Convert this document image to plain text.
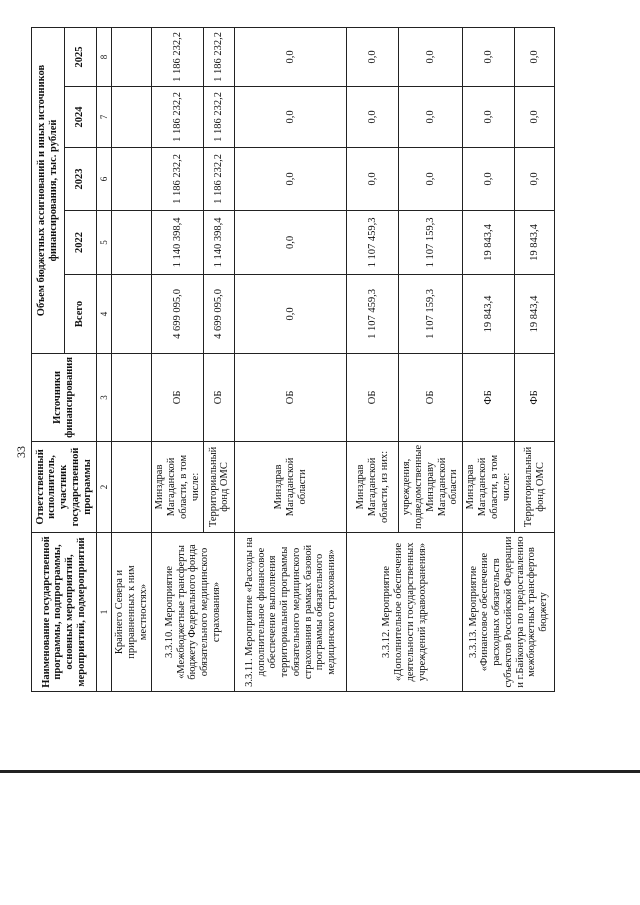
33
Наименование государственной программы, подпрограммы, основных мероприятий, мероприятий, подмероприятий	Ответственный исполнитель, участник государственной программы	Источники финансирования	Объем бюджетных ассигнований и иных источников финансирования, тыс. рублей				
			Всего	2022	2023	2024	2025
1	2	3	4	5	6	7	8
Крайнего Севера и приравненных к ним местностях»							
3.3.10. Мероприятие «Межбюджетные трансферты бюджету Федерального фонда обязательного медицинского страхования»	Минздрав Магаданской области, в том числе:	ОБ	4 699 095,0	1 140 398,4	1 186 232,2	1 186 232,2	1 186 232,2
	Территориальный фонд ОМС	ОБ	4 699 095,0	1 140 398,4	1 186 232,2	1 186 232,2	1 186 232,2
3.3.11. Мероприятие «Расходы на дополнительное финансовое обеспечение выполнения территориальной программы обязательного медицинского страхования в рамках базовой программы обязательного медицинского страхования»	Минздрав Магаданской области	ОБ	0,0	0,0	0,0	0,0	0,0
3.3.12. Мероприятие «Дополнительное обеспечение деятельности государственных учреждений здравоохранения»	Минздрав Магаданской области, из них:	ОБ	1 107 459,3	1 107 459,3	0,0	0,0	0,0
	учреждения, подведомственные Минздраву Магаданской области	ОБ	1 107 159,3	1 107 159,3	0,0	0,0	0,0
3.3.13. Мероприятие «Финансовое обеспечение расходных обязательств субъектов Российской Федерации и г.Байконура по предоставлению межбюджетных трансфертов бюджету	Минздрав Магаданской области, в том числе:	ФБ	19 843,4	19 843,4	0,0	0,0	0,0
	Территориальный фонд ОМС	ФБ	19 843,4	19 843,4	0,0	0,0	0,0
